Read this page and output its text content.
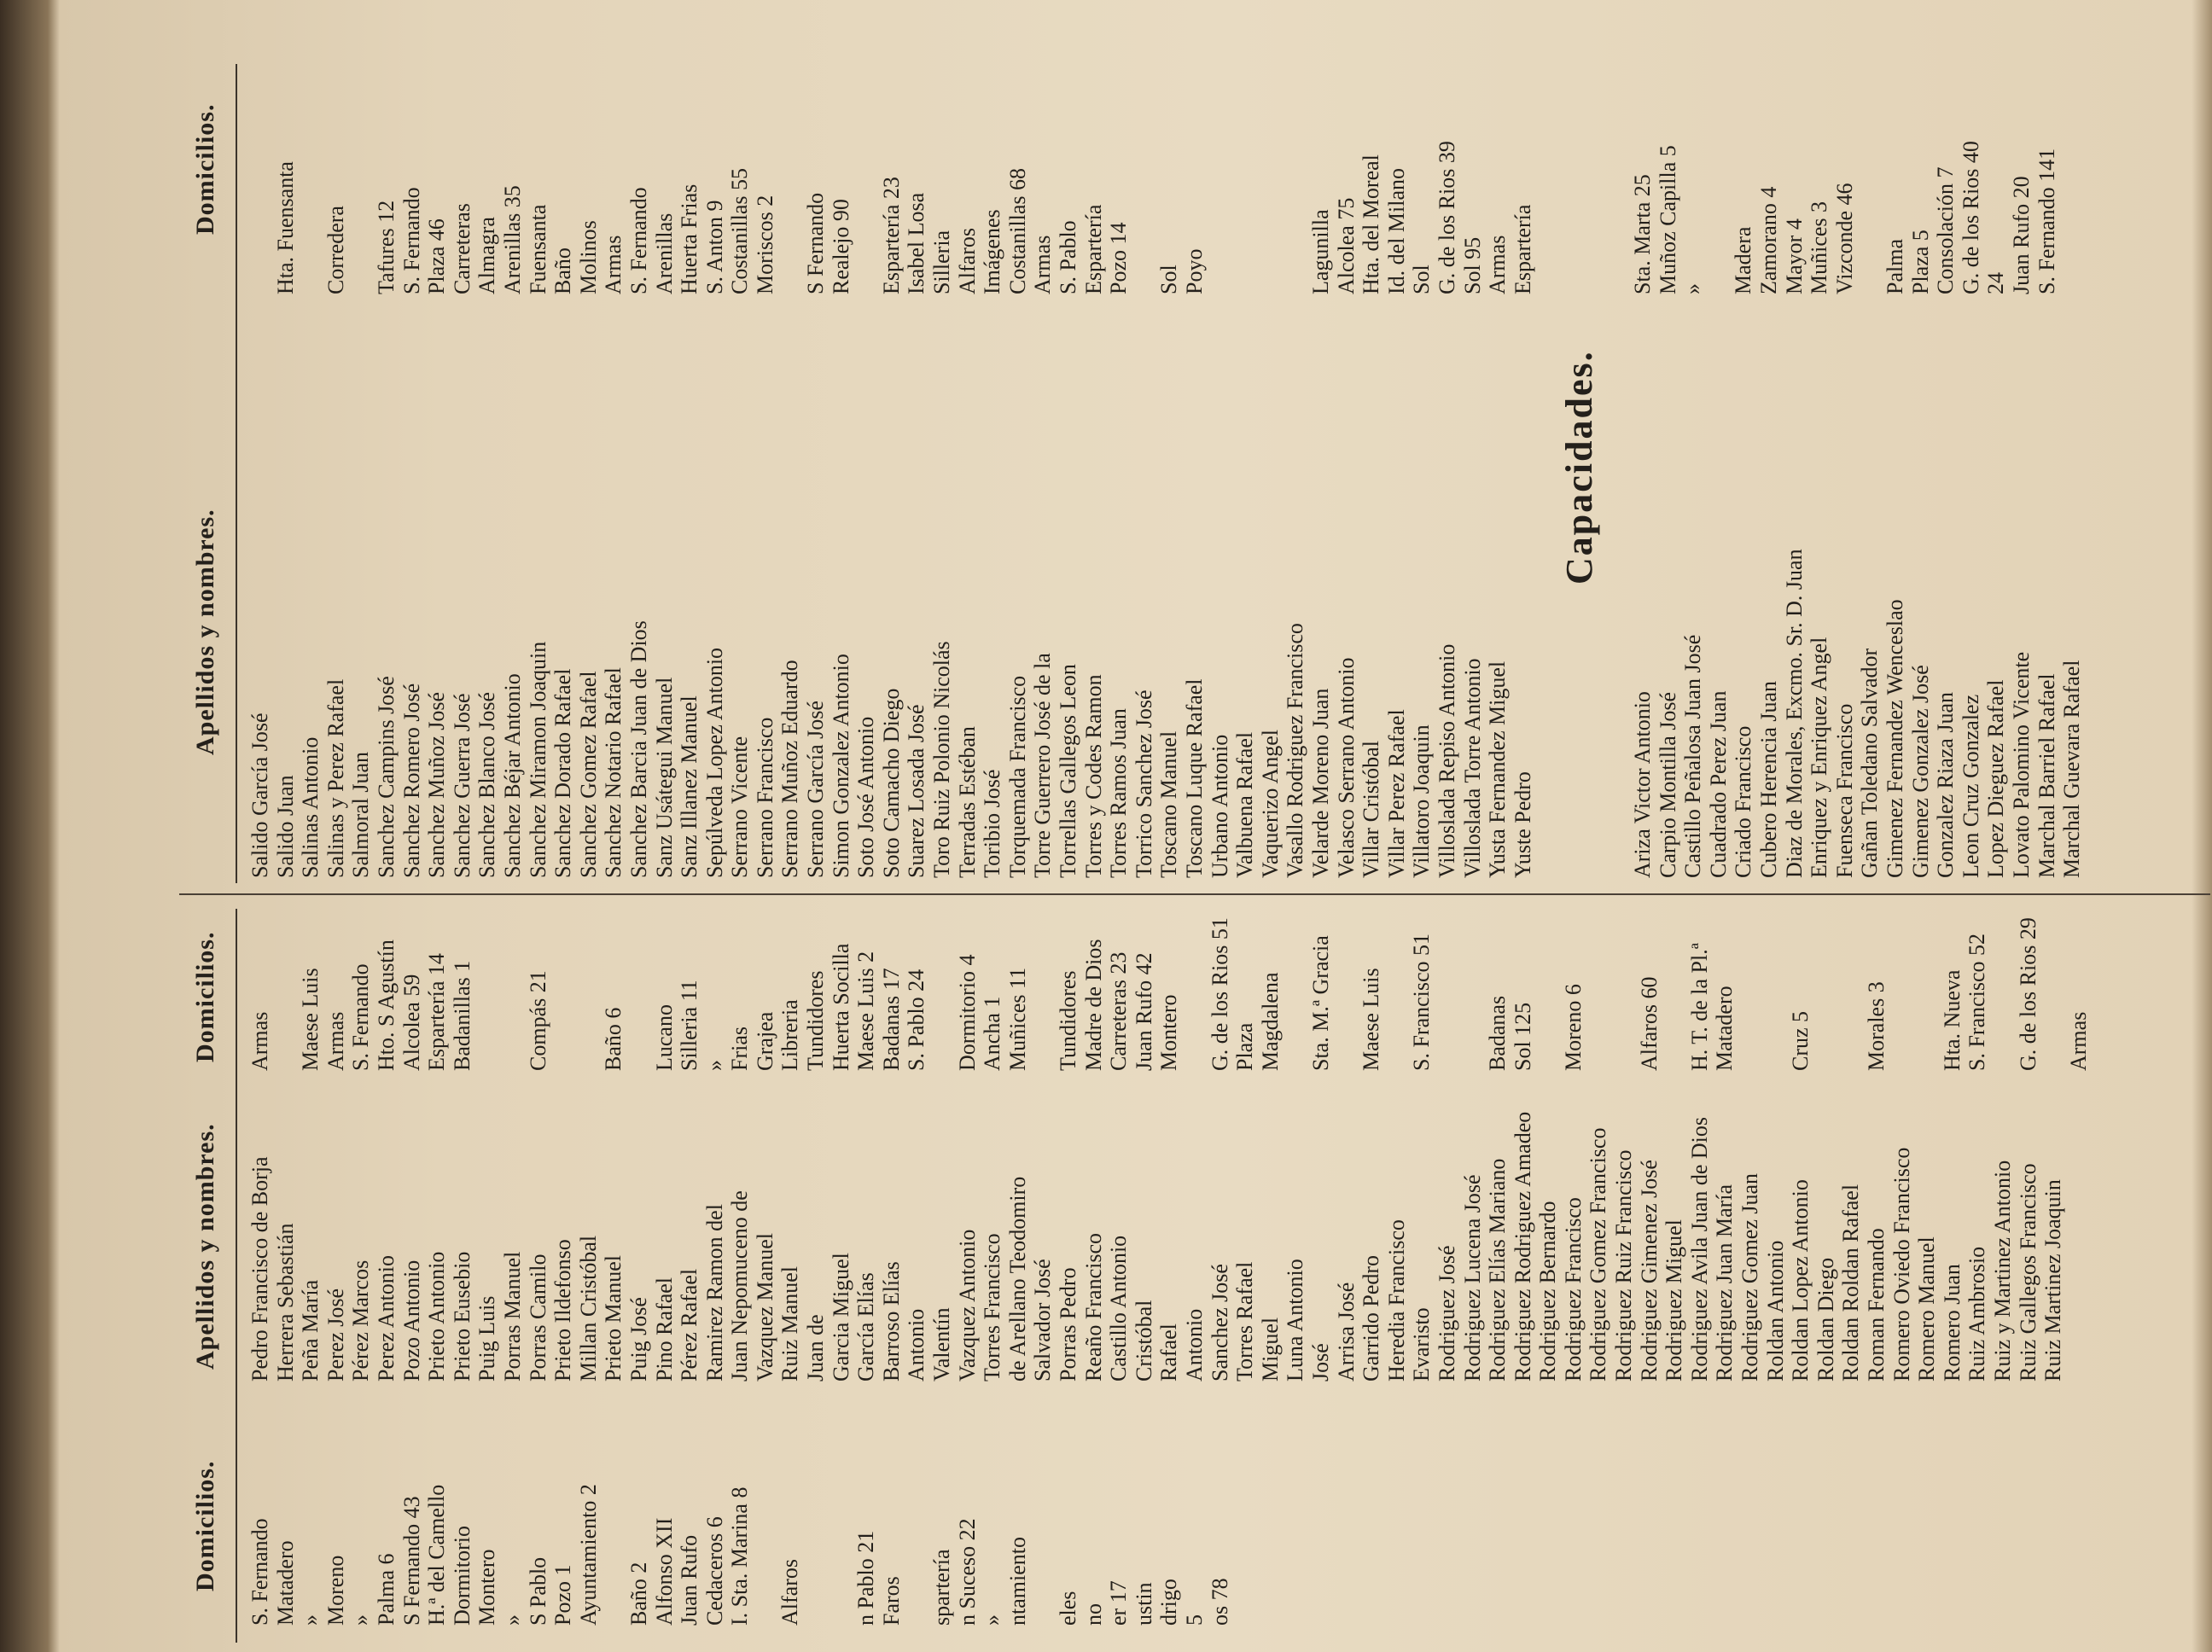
Domicilios. S. Fernando Matadero » Moreno » Palma 6 S Fernando 43 H.ª del Camello Dormitorio Montero » S Pablo Pozo 1 Ayuntamiento 2 Baño 2 Alfonso XII Juan Rufo Cedaceros 6 I. Sta. Marina 8 Alfaros n Pablo 21 Faros spartería n Suceso 22 » ntamiento eles no er 17 ustin drigo 5 os 78
Apellidos y nombres.
Domicilios.
Pedro Francisco de Borja
Armas
Herrera Sebastián Peña María
Maese Luis
Perez José
Armas
Pérez Marcos
S. Fernando
Perez Antonio
Hto. S Agustín
Pozo Antonio
Alcolea 59
Prieto Antonio
Espartería 14
Prieto Eusebio
Badanillas 1
Puig Luis Porras Manuel Porras Camilo
Compás 21
Prieto Ildefonso Millan Cristóbal Prieto Manuel
Baño 6
Puig José Pino Rafael
Lucano
Pérez Rafael
Silleria 11
Ramirez Ramon del
»
Juan Nepomuceno de
Frias
Vazquez Manuel
Grajea
Ruiz Manuel
Libreria
Juan de
Tundidores
Garcia Miguel
Huerta Socilla
García Elías
Maese Luis 2
Barroso Elías
Badanas 17
Antonio
S. Pablo 24
Valentín Vazquez Antonio
Dormitorio 4
Torres Francisco
Ancha 1
de Arellano Teodomiro
Muñices 11
Salvador José Porras Pedro
Tundidores
Reaño Francisco
Madre de Dios
Castillo Antonio
Carreteras 23
Cristóbal
Juan Rufo 42
Rafael
Montero
Antonio Sanchez José
G. de los Rios 51
Torres Rafael
Plaza
Miguel
Magdalena
Luna Antonio José
Sta. M.ª Gracia
Arrisa José Garrido Pedro
Maese Luis
Heredia Francisco Evaristo
S. Francisco 51
Rodriguez José Rodriguez Lucena José Rodriguez Elías Mariano
Badanas
Rodriguez Rodriguez Amadeo
Sol 125
Rodriguez Bernardo Rodriguez Francisco
Moreno 6
Rodriguez Gomez Francisco Rodriguez Ruiz Francisco Rodriguez Gimenez José
Alfaros 60
Rodriguez Miguel Rodriguez Avila Juan de Dios
H. T. de la Pl.ª
Rodriguez Juan María
Matadero
Rodriguez Gomez Juan Roldan Antonio Roldan Lopez Antonio
Cruz 5
Roldan Diego Roldan Roldan Rafael Roman Fernando
Morales 3
Romero Oviedo Francisco Romero Manuel Romero Juan
Hta. Nueva
Ruiz Ambrosio
S. Francisco 52
Ruiz y Martinez Antonio Ruiz Gallegos Francisco
G. de los Rios 29
Ruiz Martinez Joaquin
Armas
Apellidos y nombres.
Domicilios.
Salido García José Salido Juan
Hta. Fuensanta
Salinas Antonio Salinas y Perez Rafael
Corredera
Salmoral Juan Sanchez Campins José
Tafures 12
Sanchez Romero José
S. Fernando
Sanchez Muñoz José
Plaza 46
Sanchez Guerra José
Carreteras
Sanchez Blanco José
Almagra
Sanchez Béjar Antonio
Arenillas 35
Sanchez Miramon Joaquin
Fuensanta
Sanchez Dorado Rafael
Baño
Sanchez Gomez Rafael
Molinos
Sanchez Notario Rafael
Armas
Sanchez Barcia Juan de Dios
S. Fernando
Sanz Usátegui Manuel
Arenillas
Sanz Illanez Manuel
Huerta Frias
Sepúlveda Lopez Antonio
S. Anton 9
Serrano Vicente
Costanillas 55
Serrano Francisco
Moriscos 2
Serrano Muñoz Eduardo Serrano García José
S Fernando
Simon Gonzalez Antonio
Realejo 90
Soto José Antonio Soto Camacho Diego
Espartería 23
Suarez Losada José
Isabel Losa
Toro Ruiz Polonio Nicolás
Silleria
Terradas Estéban
Alfaros
Toribio José
Imágenes
Torquemada Francisco
Costanillas 68
Torre Guerrero José de la
Armas
Torrellas Gallegos Leon
S. Pablo
Torres y Codes Ramon
Espartería
Torres Ramos Juan
Pozo 14
Torrico Sanchez José Toscano Manuel
Sol
Toscano Luque Rafael
Poyo
Urbano Antonio Valbuena Rafael Vaquerizo Angel Vasallo Rodriguez Francisco Velarde Moreno Juan
Lagunilla
Velasco Serrano Antonio
Alcolea 75
Villar Cristóbal
Hta. del Moreal
Villar Perez Rafael
Id. del Milano
Villatoro Joaquin
Sol
Villoslada Repiso Antonio
G. de los Rios 39
Villoslada Torre Antonio
Sol 95
Yusta Fernandez Miguel
Armas
Yuste Pedro
Espartería
Capacidades.
Ariza Victor Antonio
Sta. Marta 25
Carpio Montilla José
Muñoz Capilla 5
Castillo Peñalosa Juan José
»
Cuadrado Perez Juan Criado Francisco
Madera
Cubero Herencia Juan
Zamorano 4
Diaz de Morales, Excmo. Sr. D. Juan
Mayor 4
Enriquez y Enriquez Angel
Muñices 3
Fuenseca Francisco
Vizconde 46
Gañan Toledano Salvador Gimenez Fernandez Wenceslao
Palma
Gimenez Gonzalez José
Plaza 5
Gonzalez Riaza Juan
Consolación 7
Leon Cruz Gonzalez
G. de los Rios 40
Lopez Dieguez Rafael
24
Lovato Palomino Vicente
Juan Rufo 20
Marchal Barriel Rafael
S. Fernando 141
Marchal Guevara Rafael
